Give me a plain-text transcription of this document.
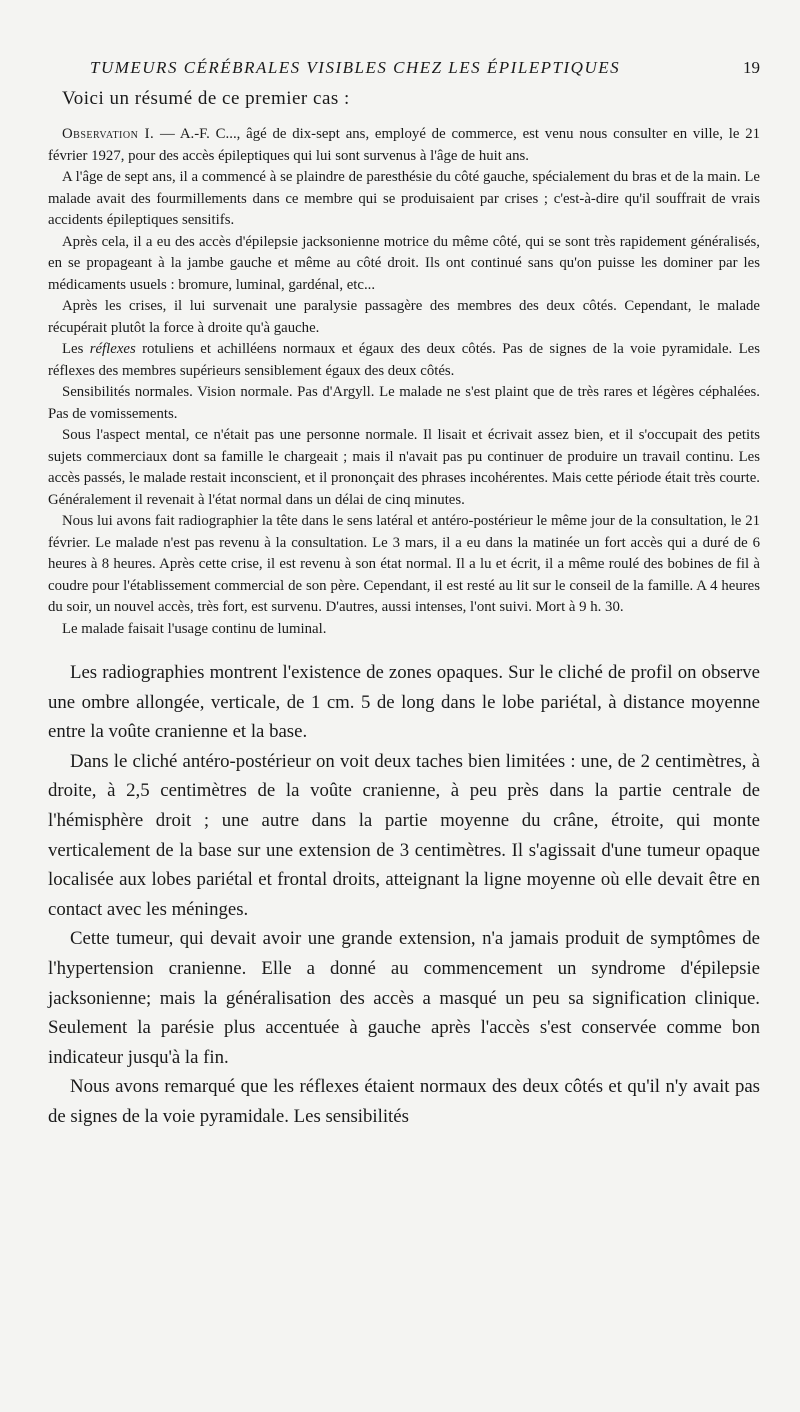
TUMEURS CÉRÉBRALES VISIBLES CHEZ LES ÉPILEPTIQUES	19
Voici un résumé de ce premier cas :

Observation I. — A.-F. C..., âgé de dix-sept ans, employé de commerce, est venu nous consulter en ville, le 21 février 1927, pour des accès épileptiques qui lui sont survenus à l'âge de huit ans.

A l'âge de sept ans, il a commencé à se plaindre de paresthésie du côté gauche, spécialement du bras et de la main. Le malade avait des fourmillements dans ce membre qui se produisaient par crises ; c'est-à-dire qu'il souffrait de vrais accidents épileptiques sensitifs.

Après cela, il a eu des accès d'épilepsie jacksonienne motrice du même côté, qui se sont très rapidement généralisés, en se propageant à la jambe gauche et même au côté droit. Ils ont continué sans qu'on puisse les dominer par les médicaments usuels : bromure, luminal, gardénal, etc...

Après les crises, il lui survenait une paralysie passagère des membres des deux côtés. Cependant, le malade récupérait plutôt la force à droite qu'à gauche.

Les réflexes rotuliens et achilléens normaux et égaux des deux côtés. Pas de signes de la voie pyramidale. Les réflexes des membres supérieurs sensiblement égaux des deux côtés.

Sensibilités normales. Vision normale. Pas d'Argyll. Le malade ne s'est plaint que de très rares et légères céphalées. Pas de vomissements.

Sous l'aspect mental, ce n'était pas une personne normale. Il lisait et écrivait assez bien, et il s'occupait des petits sujets commerciaux dont sa famille le chargeait ; mais il n'avait pas pu continuer de produire un travail continu. Les accès passés, le malade restait inconscient, et il prononçait des phrases incohérentes. Mais cette période était très courte. Généralement il revenait à l'état normal dans un délai de cinq minutes.

Nous lui avons fait radiographier la tête dans le sens latéral et antéro-postérieur le même jour de la consultation, le 21 février. Le malade n'est pas revenu à la consultation. Le 3 mars, il a eu dans la matinée un fort accès qui a duré de 6 heures à 8 heures. Après cette crise, il est revenu à son état normal. Il a lu et écrit, il a même roulé des bobines de fil à coudre pour l'établissement commercial de son père. Cependant, il est resté au lit sur le conseil de la famille. A 4 heures du soir, un nouvel accès, très fort, est survenu. D'autres, aussi intenses, l'ont suivi. Mort à 9 h. 30.

Le malade faisait l'usage continu de luminal.

Les radiographies montrent l'existence de zones opaques. Sur le cliché de profil on observe une ombre allongée, verticale, de 1 cm. 5 de long dans le lobe pariétal, à distance moyenne entre la voûte cranienne et la base.

Dans le cliché antéro-postérieur on voit deux taches bien limitées : une, de 2 centimètres, à droite, à 2,5 centimètres de la voûte cranienne, à peu près dans la partie centrale de l'hémisphère droit ; une autre dans la partie moyenne du crâne, étroite, qui monte verticalement de la base sur une extension de 3 centimètres. Il s'agissait d'une tumeur opaque localisée aux lobes pariétal et frontal droits, atteignant la ligne moyenne où elle devait être en contact avec les méninges.

Cette tumeur, qui devait avoir une grande extension, n'a jamais produit de symptômes de l'hypertension cranienne. Elle a donné au commencement un syndrome d'épilepsie jacksonienne; mais la généralisation des accès a masqué un peu sa signification clinique. Seulement la parésie plus accentuée à gauche après l'accès s'est conservée comme bon indicateur jusqu'à la fin.

Nous avons remarqué que les réflexes étaient normaux des deux côtés et qu'il n'y avait pas de signes de la voie pyramidale. Les sensibilités
